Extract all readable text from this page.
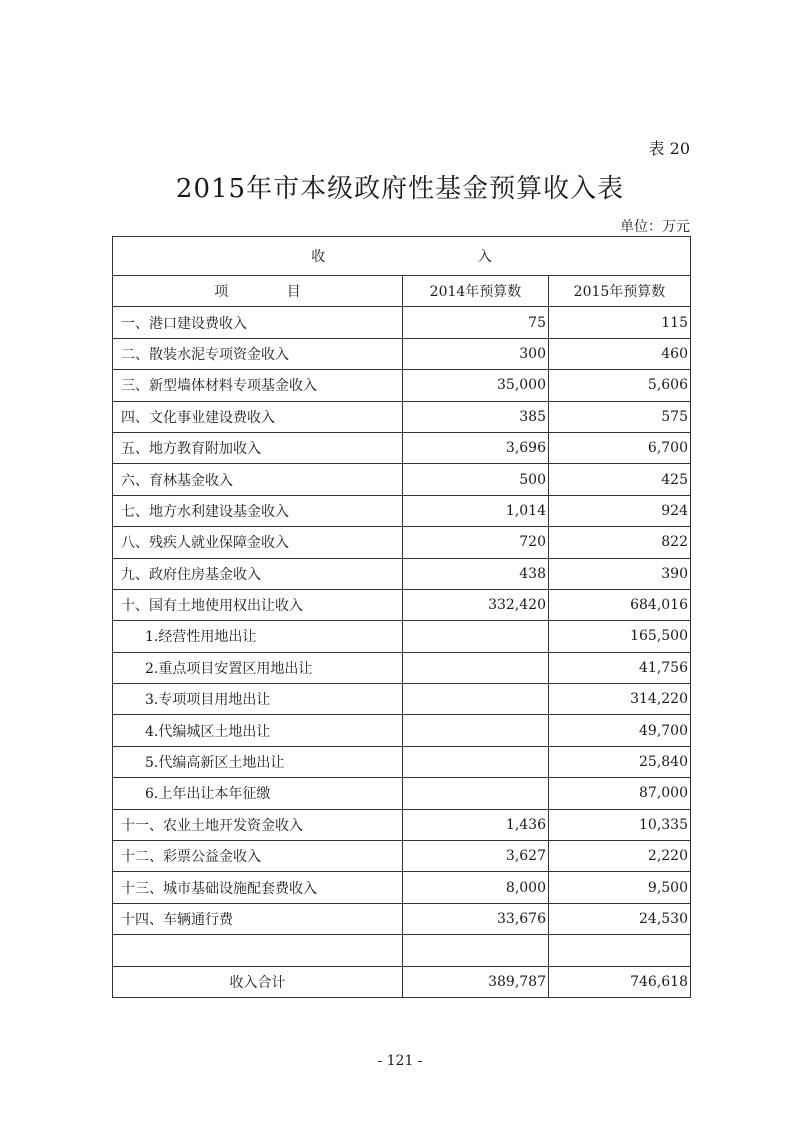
表 20
2015年市本级政府性基金预算收入表
单位：万元
收 入		

项 目	2014年预算数	2015年预算数
一、港口建设费收入	75	115
二、散装水泥专项资金收入	300	460
三、新型墙体材料专项基金收入	35,000	5,606
四、文化事业建设费收入	385	575
五、地方教育附加收入	3,696	6,700
六、育林基金收入	500	425
七、地方水利建设基金收入	1,014	924
八、残疾人就业保障金收入	720	822
九、政府住房基金收入	438	390
十、国有土地使用权出让收入	332,420	684,016
1.经营性用地出让		165,500
2.重点项目安置区用地出让		41,756
3.专项项目用地出让		314,220
4.代编城区土地出让		49,700
5.代编高新区土地出让		25,840
6.上年出让本年征缴		87,000
十一、农业土地开发资金收入	1,436	10,335
十二、彩票公益金收入	3,627	2,220
十三、城市基础设施配套费收入	8,000	9,500
十四、车辆通行费	33,676	24,530

收入合计	389,787	746,618
- 121 -
